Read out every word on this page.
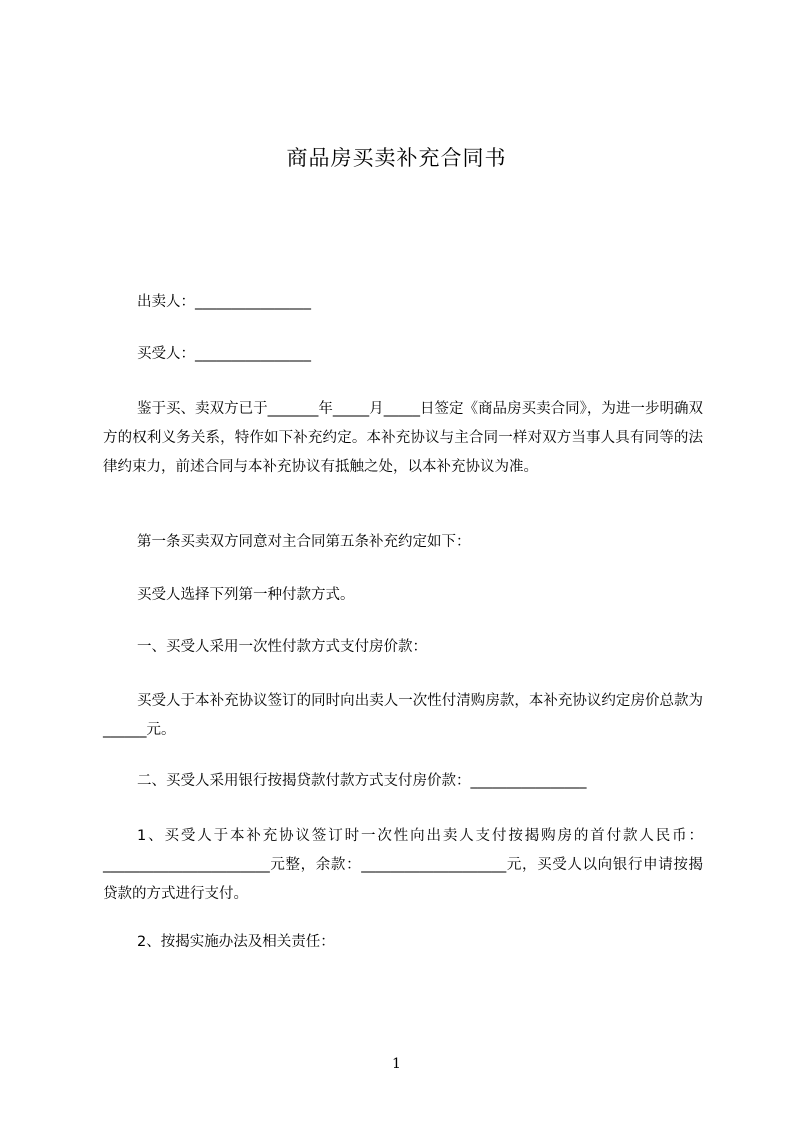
商品房买卖补充合同书
出卖人：________________
买受人：________________
鉴于买、卖双方已于_______年_____月_____日签定《商品房买卖合同》，为进一步明确双方的权利义务关系，特作如下补充约定。本补充协议与主合同一样对双方当事人具有同等的法律约束力，前述合同与本补充协议有抵触之处，以本补充协议为准。
第一条买卖双方同意对主合同第五条补充约定如下：
买受人选择下列第一种付款方式。
一、买受人采用一次性付款方式支付房价款：
买受人于本补充协议签订的同时向出卖人一次性付清购房款，本补充协议约定房价总款为______元。
二、买受人采用银行按揭贷款付款方式支付房价款：________________
1、买受人于本补充协议签订时一次性向出卖人支付按揭购房的首付款人民币：_______________________元整，余款：____________________元，买受人以向银行申请按揭贷款的方式进行支付。
2、按揭实施办法及相关责任：
1
